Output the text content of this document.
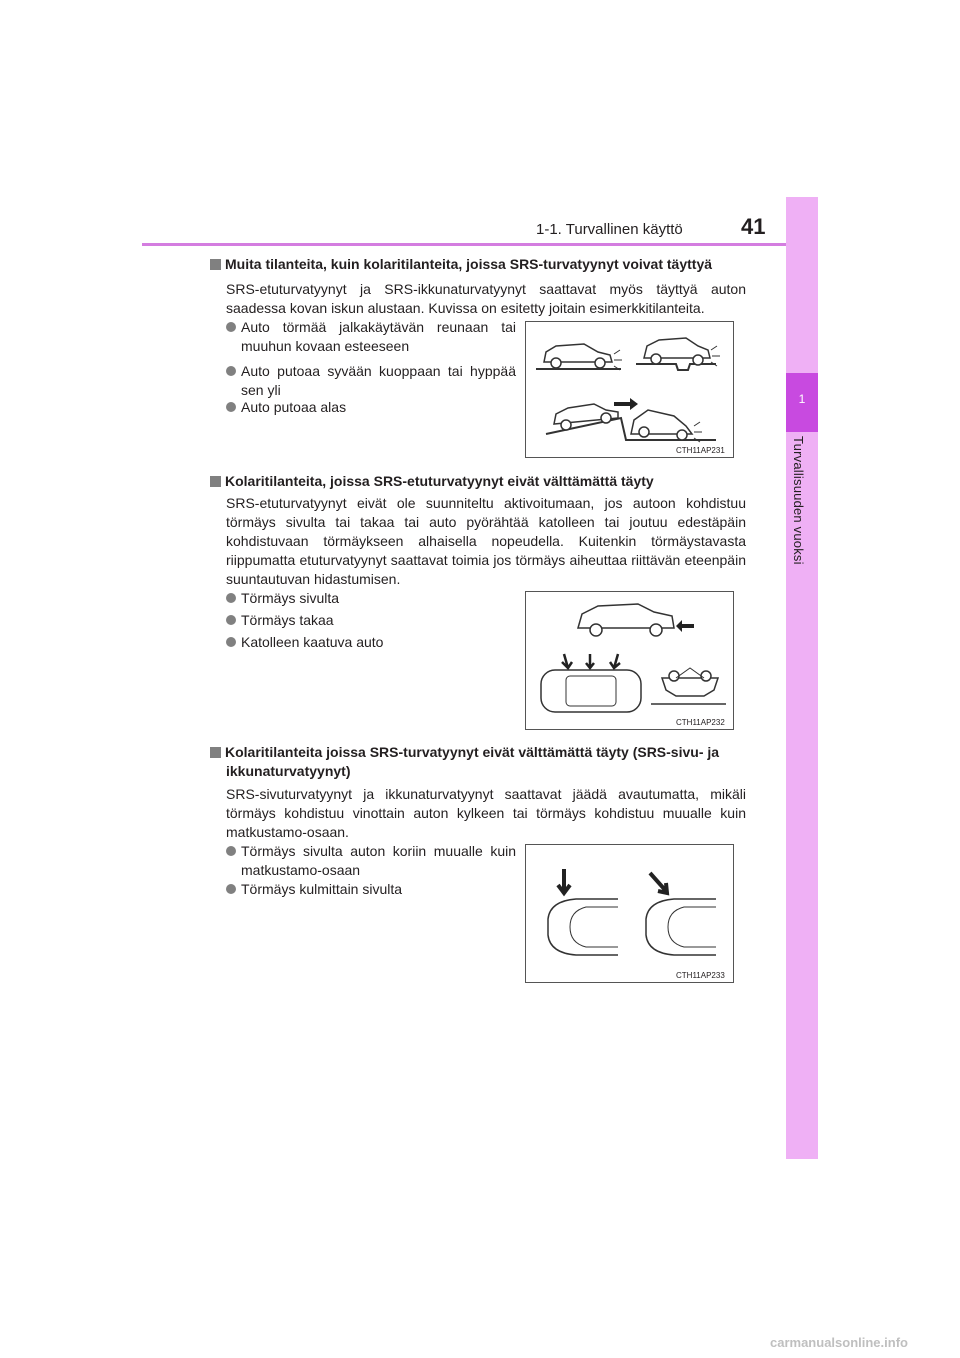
1-1. Turvallinen käyttö	41
1
Turvallisuuden vuoksi
Muita tilanteita, kuin kolaritilanteita, joissa SRS-turvatyynyt voivat täyttyä
SRS-etuturvatyynyt ja SRS-ikkunaturvatyynyt saattavat myös täyttyä auton saadessa kovan iskun alustaan. Kuvissa on esitetty joitain esimerkkitilanteita.
Auto törmää jalkakäytävän reunaan tai muuhun kovaan esteeseen
Auto putoaa syvään kuoppaan tai hyppää sen yli
Auto putoaa alas
CTH11AP231
Kolaritilanteita, joissa SRS-etuturvatyynyt eivät välttämättä täyty
SRS-etuturvatyynyt eivät ole suunniteltu aktivoitumaan, jos autoon kohdistuu törmäys sivulta tai takaa tai auto pyörähtää katolleen tai joutuu edestäpäin kohdistuvaan törmäykseen alhaisella nopeudella. Kuitenkin törmäystavasta riippumatta etuturvatyynyt saattavat toimia jos törmäys aiheuttaa riittävän eteenpäin suuntautuvan hidastumisen.
Törmäys sivulta
Törmäys takaa
Katolleen kaatuva auto
CTH11AP232
Kolaritilanteita joissa SRS-turvatyynyt eivät välttämättä täyty (SRS-sivu- ja
ikkunaturvatyynyt)
SRS-sivuturvatyynyt ja ikkunaturvatyynyt saattavat jäädä avautumatta, mikäli törmäys kohdistuu vinottain auton kylkeen tai törmäys kohdistuu muualle kuin matkustamo-osaan.
Törmäys sivulta auton koriin muualle kuin matkustamo-osaan
Törmäys kulmittain sivulta
CTH11AP233
carmanualsonline.info
